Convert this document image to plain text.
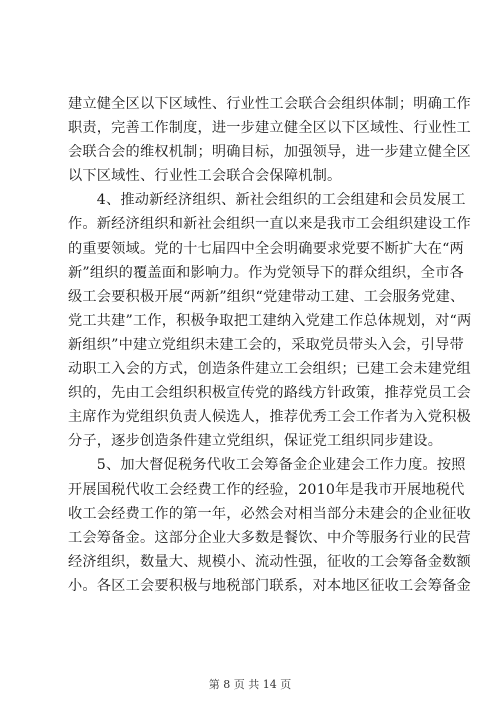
建立健全区以下区域性、行业性工会联合会组织体制；明确工作
职责，完善工作制度，进一步建立健全区以下区域性、行业性工
会联合会的维权机制；明确目标，加强领导，进一步建立健全区
以下区域性、行业性工会联合会保障机制。
　　4、推动新经济组织、新社会组织的工会组建和会员发展工
作。新经济组织和新社会组织一直以来是我市工会组织建设工作
的重要领域。党的十七届四中全会明确要求党要不断扩大在“两
新”组织的覆盖面和影响力。作为党领导下的群众组织，全市各
级工会要积极开展“两新”组织“党建带动工建、工会服务党建、
党工共建”工作，积极争取把工建纳入党建工作总体规划，对“两
新组织”中建立党组织未建工会的，采取党员带头入会，引导带
动职工入会的方式，创造条件建立工会组织；已建工会未建党组
织的，先由工会组织积极宣传党的路线方针政策，推荐党员工会
主席作为党组织负责人候选人，推荐优秀工会工作者为入党积极
分子，逐步创造条件建立党组织，保证党工组织同步建设。
　　5、加大督促税务代收工会筹备金企业建会工作力度。按照
开展国税代收工会经费工作的经验，2010年是我市开展地税代
收工会经费工作的第一年，必然会对相当部分未建会的企业征收
工会筹备金。这部分企业大多数是餐饮、中介等服务行业的民营
经济组织，数量大、规模小、流动性强，征收的工会筹备金数额
小。各区工会要积极与地税部门联系，对本地区征收工会筹备金
第 8 页 共 14 页
